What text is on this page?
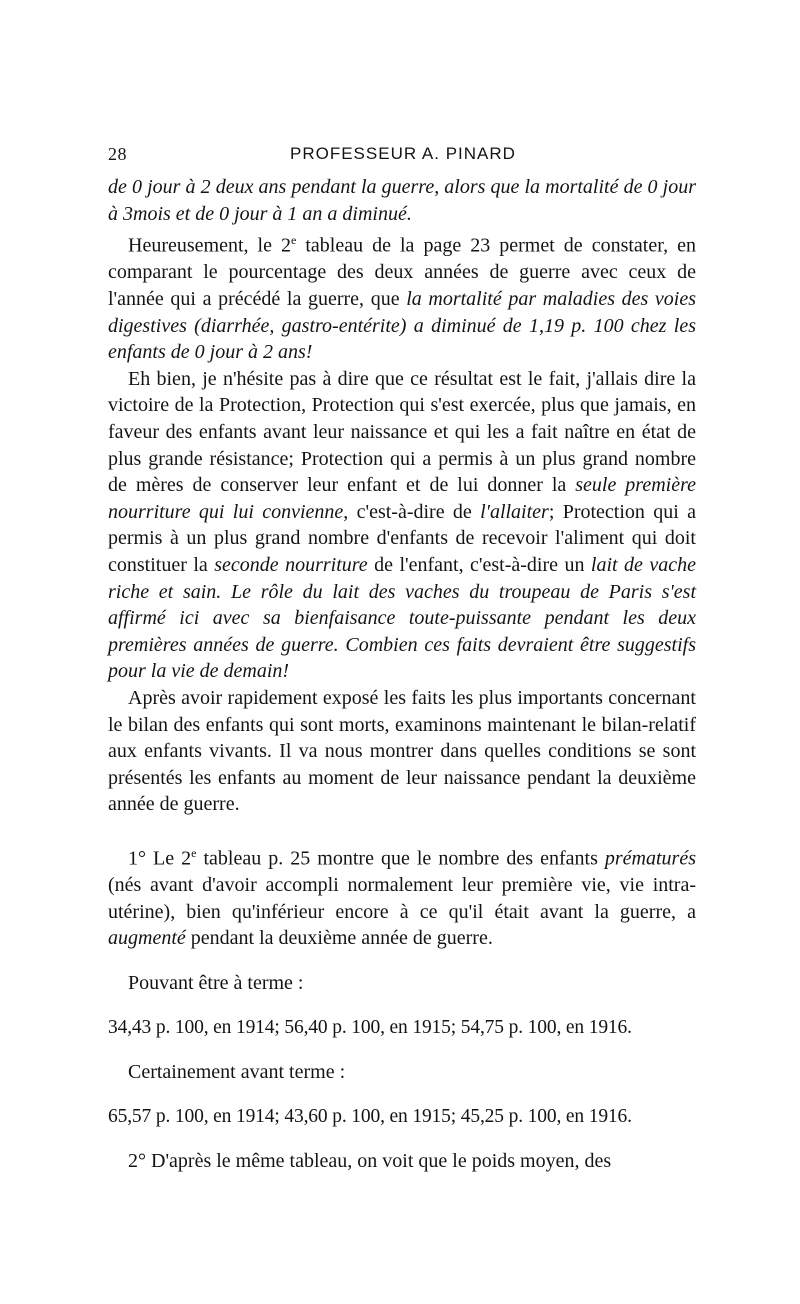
28	PROFESSEUR A. PINARD

de 0 jour à 2 deux ans pendant la guerre, alors que la mortalité de 0 jour à 3mois et de 0 jour à 1 an a diminué.

Heureusement, le 2e tableau de la page 23 permet de constater, en comparant le pourcentage des deux années de guerre avec ceux de l'année qui a précédé la guerre, que la mortalité par maladies des voies digestives (diarrhée, gastro-entérite) a diminué de 1,19 p. 100 chez les enfants de 0 jour à 2 ans!

Eh bien, je n'hésite pas à dire que ce résultat est le fait, j'allais dire la victoire de la Protection, Protection qui s'est exercée, plus que jamais, en faveur des enfants avant leur naissance et qui les a fait naître en état de plus grande résistance; Protection qui a permis à un plus grand nombre de mères de conserver leur enfant et de lui donner la seule première nourriture qui lui convienne, c'est-à-dire de l'allaiter; Protection qui a permis à un plus grand nombre d'enfants de recevoir l'aliment qui doit constituer la seconde nourriture de l'enfant, c'est-à-dire un lait de vache riche et sain. Le rôle du lait des vaches du troupeau de Paris s'est affirmé ici avec sa bienfaisance toute-puissante pendant les deux premières années de guerre. Combien ces faits devraient être suggestifs pour la vie de demain!

Après avoir rapidement exposé les faits les plus importants concernant le bilan des enfants qui sont morts, examinons maintenant le bilan-relatif aux enfants vivants. Il va nous montrer dans quelles conditions se sont présentés les enfants au moment de leur naissance pendant la deuxième année de guerre.

1° Le 2e tableau p. 25 montre que le nombre des enfants prématurés (nés avant d'avoir accompli normalement leur première vie, vie intra-utérine), bien qu'inférieur encore à ce qu'il était avant la guerre, a augmenté pendant la deuxième année de guerre.

Pouvant être à terme :
34,43 p. 100, en 1914; 56,40 p. 100, en 1915; 54,75 p. 100, en 1916.
Certainement avant terme :
65,57 p. 100, en 1914; 43,60 p. 100, en 1915; 45,25 p. 100, en 1916.

2° D'après le même tableau, on voit que le poids moyen, des
